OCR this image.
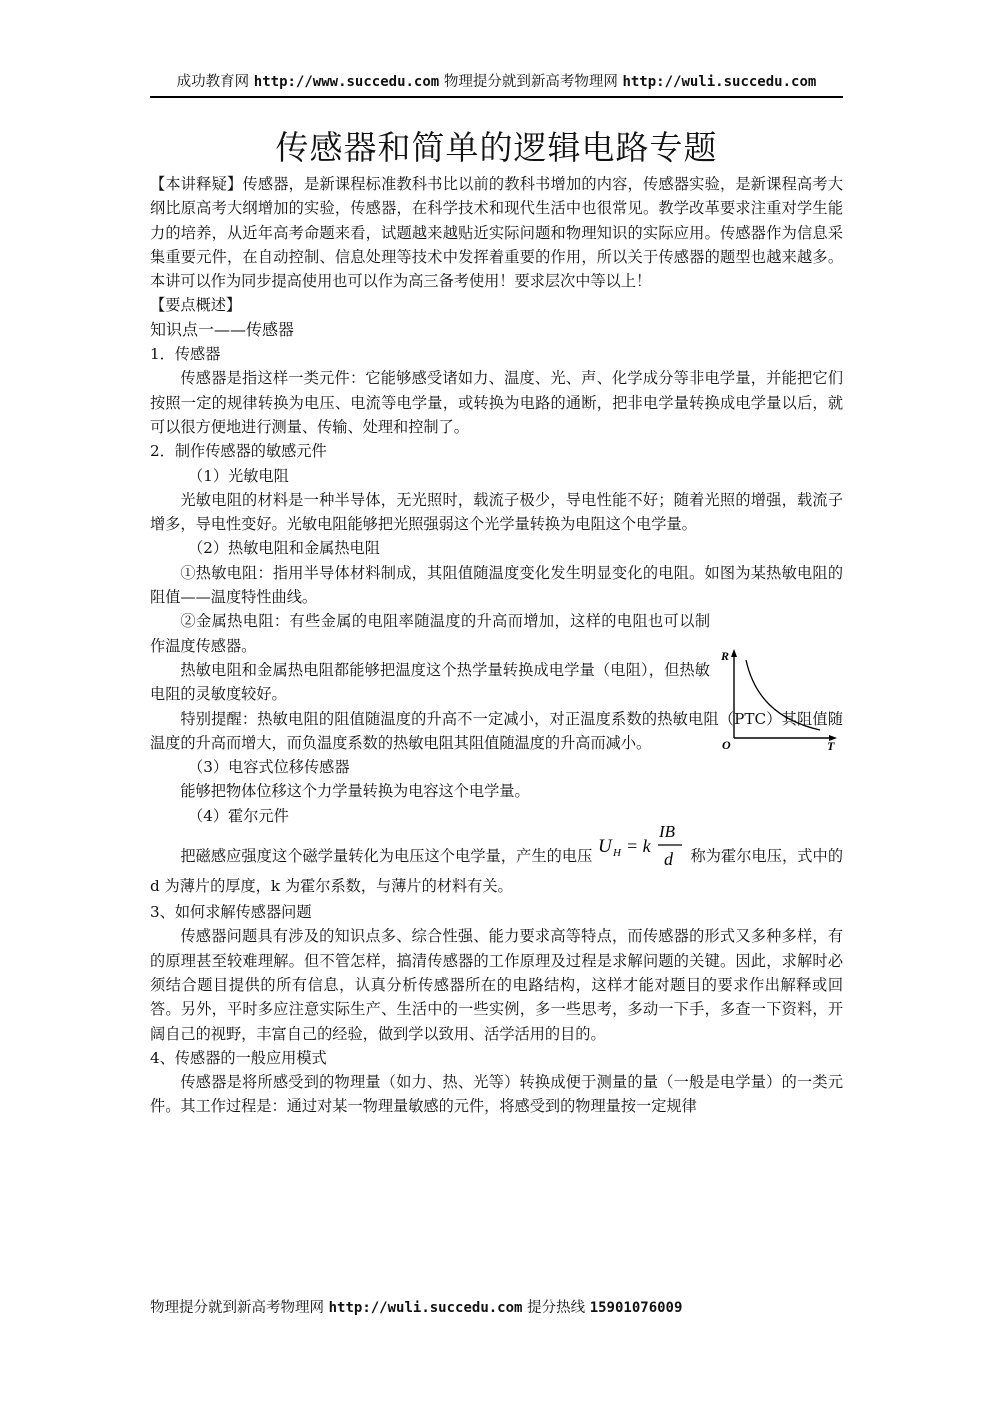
成功教育网 http://www.succedu.com 物理提分就到新高考物理网 http://wuli.succedu.com
传感器和简单的逻辑电路专题

【本讲释疑】传感器，是新课程标准教科书比以前的教科书增加的内容，传感器实验，是新课程高考大纲比原高考大纲增加的实验，传感器，在科学技术和现代生活中也很常见。教学改革要求注重对学生能力的培养，从近年高考命题来看，试题越来越贴近实际问题和物理知识的实际应用。传感器作为信息采集重要元件，在自动控制、信息处理等技术中发挥着重要的作用，所以关于传感器的题型也越来越多。本讲可以作为同步提高使用也可以作为高三备考使用！要求层次中等以上！

【要点概述】

知识点一——传感器

1．传感器

传感器是指这样一类元件：它能够感受诸如力、温度、光、声、化学成分等非电学量，并能把它们按照一定的规律转换为电压、电流等电学量，或转换为电路的通断，把非电学量转换成电学量以后，就可以很方便地进行测量、传输、处理和控制了。

2．制作传感器的敏感元件

（1）光敏电阻

光敏电阻的材料是一种半导体，无光照时，载流子极少，导电性能不好；随着光照的增强，载流子增多，导电性变好。光敏电阻能够把光照强弱这个光学量转换为电阻这个电学量。

（2）热敏电阻和金属热电阻

①热敏电阻：指用半导体材料制成，其阻值随温度变化发生明显变化的电阻。如图为某热敏电阻的阻值——温度特性曲线。

②金属热电阻：有些金属的电阻率随温度的升高而增加，这样的电阻也可以制作温度传感器。

热敏电阻和金属热电阻都能够把温度这个热学量转换成电学量（电阻），但热敏电阻的灵敏度较好。

特别提醒：热敏电阻的阻值随温度的升高不一定减小，对正温度系数的热敏电阻（PTC）其阻值随温度的升高而增大，而负温度系数的热敏电阻其阻值随温度的升高而减小。

（3）电容式位移传感器

能够把物体位移这个力学量转换为电容这个电学量。

（4）霍尔元件

把磁感应强度这个磁学量转化为电压这个电学量，产生的电压 U H = k
IB
d 称为霍尔电压，式中的 d 为薄片的厚度，k 为霍尔系数，与薄片的材料有关。

3、如何求解传感器问题

传感器问题具有涉及的知识点多、综合性强、能力要求高等特点，而传感器的形式又多种多样，有的原理甚至较难理解。但不管怎样，搞清传感器的工作原理及过程是求解问题的关键。因此，求解时必须结合题目提供的所有信息，认真分析传感器所在的电路结构，这样才能对题目的要求作出解释或回答。另外，平时多应注意实际生产、生活中的一些实例，多一些思考，多动一下手，多查一下资料，开阔自己的视野，丰富自己的经验，做到学以致用、活学活用的目的。

4、传感器的一般应用模式

传感器是将所感受到的物理量（如力、热、光等）转换成便于测量的量（一般是电学量）的一类元件。其工作过程是：通过对某一物理量敏感的元件，将感受到的物理量按一定规律

R
O	T
物理提分就到新高考物理网 http://wuli.succedu.com 提分热线 15901076009
